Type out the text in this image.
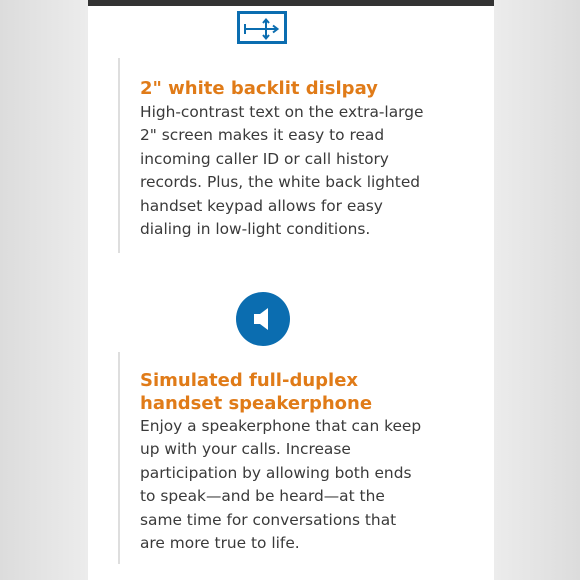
2" white backlit dislpay

High-contrast text on the extra-large 2" screen makes it easy to read incoming caller ID or call history records. Plus, the white back lighted handset keypad allows for easy dialing in low-light conditions.

Simulated full-duplex handset speakerphone

Enjoy a speakerphone that can keep up with your calls. Increase participation by allowing both ends to speak—and be heard—at the same time for conversations that are more true to life.
